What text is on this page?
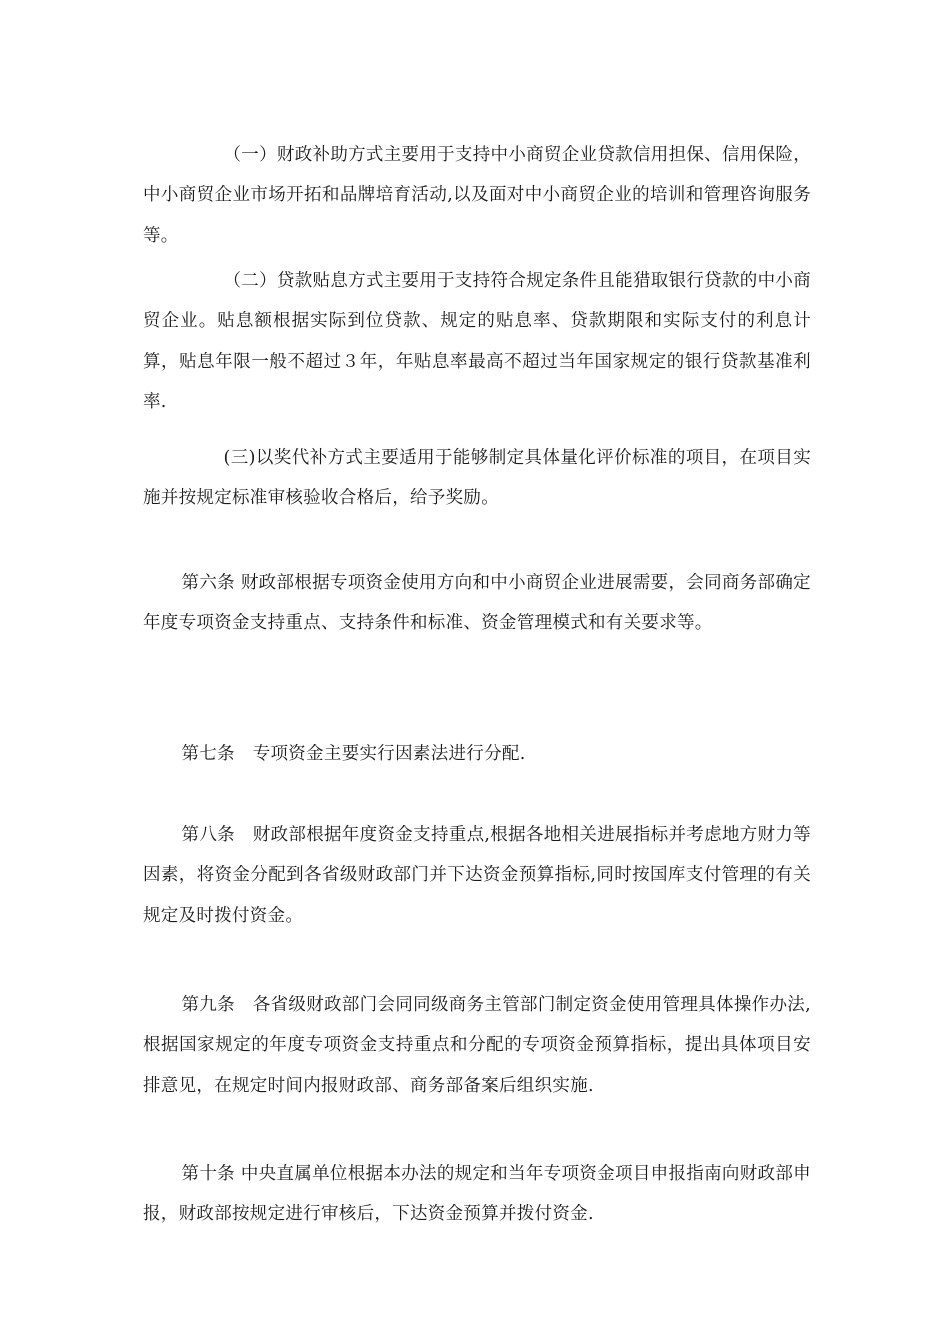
（一）财政补助方式主要用于支持中小商贸企业贷款信用担保、信用保险，中小商贸企业市场开拓和品牌培育活动,以及面对中小商贸企业的培训和管理咨询服务等。

（二）贷款贴息方式主要用于支持符合规定条件且能猎取银行贷款的中小商贸企业。贴息额根据实际到位贷款、规定的贴息率、贷款期限和实际支付的利息计算，贴息年限一般不超过３年，年贴息率最高不超过当年国家规定的银行贷款基准利率.

(三)以奖代补方式主要适用于能够制定具体量化评价标准的项目，在项目实施并按规定标准审核验收合格后，给予奖励。

第六条 财政部根据专项资金使用方向和中小商贸企业进展需要，会同商务部确定年度专项资金支持重点、支持条件和标准、资金管理模式和有关要求等。

第七条　专项资金主要实行因素法进行分配.

第八条　财政部根据年度资金支持重点,根据各地相关进展指标并考虑地方财力等因素，将资金分配到各省级财政部门并下达资金预算指标,同时按国库支付管理的有关规定及时拨付资金。

第九条　各省级财政部门会同同级商务主管部门制定资金使用管理具体操作办法,根据国家规定的年度专项资金支持重点和分配的专项资金预算指标，提出具体项目安排意见，在规定时间内报财政部、商务部备案后组织实施.

第十条 中央直属单位根据本办法的规定和当年专项资金项目申报指南向财政部申报，财政部按规定进行审核后，下达资金预算并拨付资金.
